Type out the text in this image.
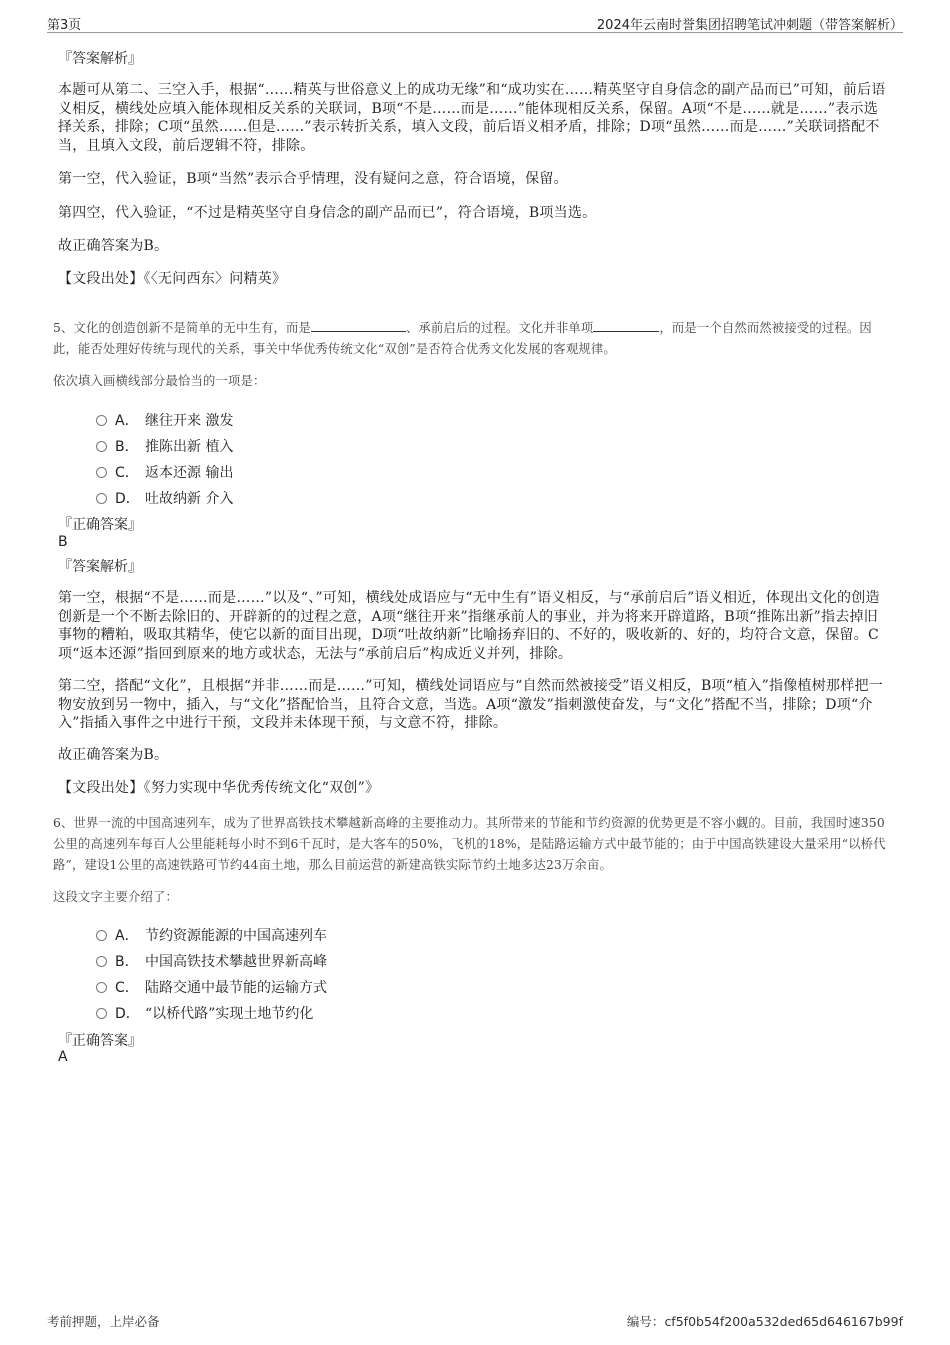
第3页	2024年云南时誉集团招聘笔试冲刺题（带答案解析）
『答案解析』
本题可从第二、三空入手，根据“……精英与世俗意义上的成功无缘”和“成功实在……精英坚守自身信念的副产品而已”可知，前后语义相反，横线处应填入能体现相反关系的关联词，B项“不是……而是……”能体现相反关系，保留。A项“不是……就是……”表示选择关系，排除；C项“虽然……但是……”表示转折关系，填入文段，前后语义相矛盾，排除；D项“虽然……而是……”关联词搭配不当，且填入文段，前后逻辑不符，排除。
第一空，代入验证，B项“当然”表示合乎情理，没有疑问之意，符合语境，保留。
第四空，代入验证，“不过是精英坚守自身信念的副产品而已”，符合语境，B项当选。
故正确答案为B。
【文段出处】《〈无问西东〉问精英》
5、文化的创造创新不是简单的无中生有，而是	、承前启后的过程。文化并非单项	，而是一个自然而然被接受的过程。因此，能否处理好传统与现代的关系，事关中华优秀传统文化“双创”是否符合优秀文化发展的客观规律。
依次填入画横线部分最恰当的一项是：
A． 继往开来 激发
B． 推陈出新 植入
C． 返本还源 输出
D． 吐故纳新 介入
『正确答案』
B
『答案解析』
第一空，根据“不是……而是……”以及“、”可知，横线处成语应与“无中生有”语义相反，与“承前启后”语义相近，体现出文化的创造创新是一个不断去除旧的、开辟新的的过程之意，A项“继往开来”指继承前人的事业，并为将来开辟道路，B项“推陈出新”指去掉旧事物的糟粕，吸取其精华，使它以新的面目出现，D项“吐故纳新”比喻扬弃旧的、不好的，吸收新的、好的，均符合文意，保留。C项“返本还源”指回到原来的地方或状态，无法与“承前启后”构成近义并列，排除。
第二空，搭配“文化”，且根据“并非……而是……”可知，横线处词语应与“自然而然被接受”语义相反，B项“植入”指像植树那样把一物安放到另一物中，插入，与“文化”搭配恰当，且符合文意，当选。A项“激发”指刺激使奋发，与“文化”搭配不当，排除；D项“介入”指插入事件之中进行干预，文段并未体现干预，与文意不符，排除。
故正确答案为B。
【文段出处】《努力实现中华优秀传统文化“双创”》
6、世界一流的中国高速列车，成为了世界高铁技术攀越新高峰的主要推动力。其所带来的节能和节约资源的优势更是不容小觑的。目前，我国时速350公里的高速列车每百人公里能耗每小时不到6千瓦时，是大客车的50%，飞机的18%，是陆路运输方式中最节能的；由于中国高铁建设大量采用“以桥代路”，建设1公里的高速铁路可节约44亩土地，那么目前运营的新建高铁实际节约土地多达23万余亩。
这段文字主要介绍了：
A． 节约资源能源的中国高速列车
B． 中国高铁技术攀越世界新高峰
C． 陆路交通中最节能的运输方式
D． “以桥代路”实现土地节约化
『正确答案』
A
考前押题，上岸必备	编号：cf5f0b54f200a532ded65d646167b99f
